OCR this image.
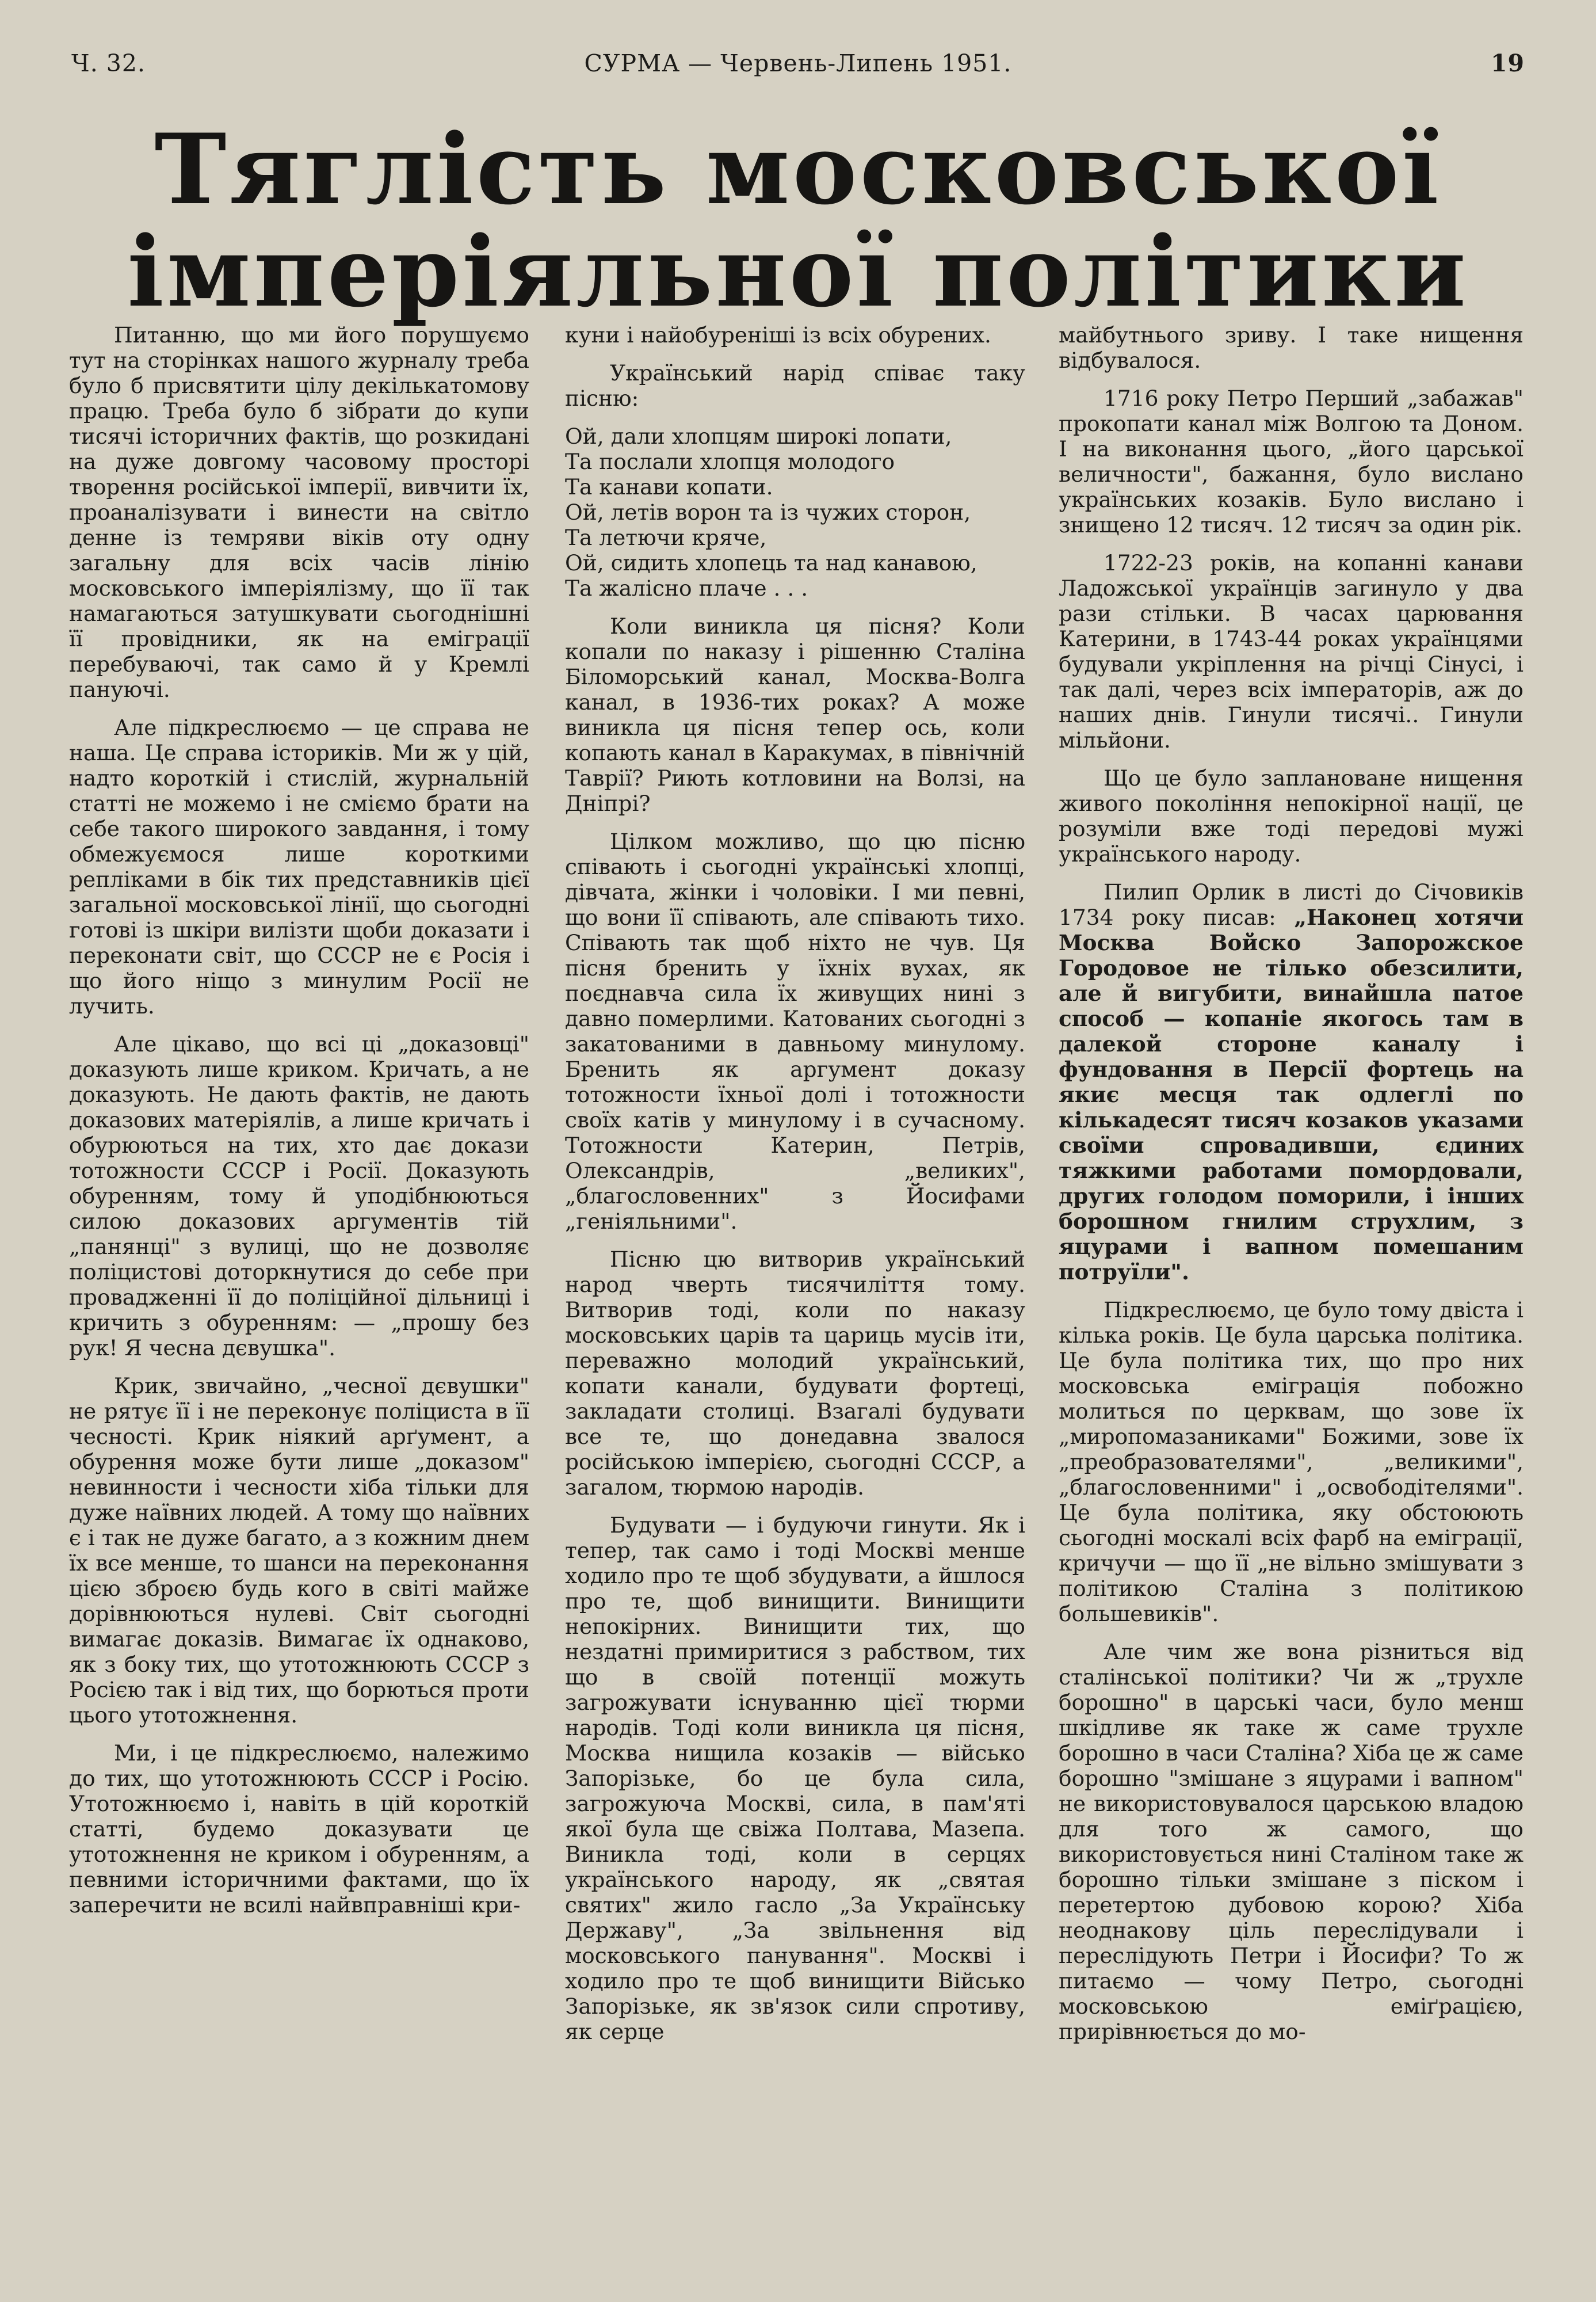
Ч. 32.	СУРМА — Червень-Липень 1951.	19
Тяглість московської
імперіяльної політики

Питанню, що ми його порушуємо тут на сторінках нашого журналу треба було б присвятити цілу декількатомову працю. Треба було б зібрати до купи тисячі історичних фактів, що розкидані на дуже довгому часовому просторі творення російської імперії, вивчити їх, проаналізувати і винести на світло денне із темряви віків оту одну загальну для всіх часів лінію московського імперіялізму, що її так намагаються затушкувати сьогоднішні її провідники, як на еміграції перебуваючі, так само й у Кремлі пануючі.

Але підкреслюємо — це справа не наша. Це справа істориків. Ми ж у цій, надто короткій і стислій, журнальній статті не можемо і не сміємо брати на себе такого широкого завдання, і тому обмежуємося лише короткими репліками в бік тих представників цієї загальної московської лінії, що сьогодні готові із шкіри вилізти щоби доказати і переконати світ, що СССР не є Росія і що його ніщо з минулим Росії не лучить.

Але цікаво, що всі ці „доказовці" доказують лише криком. Кричать, а не доказують. Не дають фактів, не дають доказових матеріялів, а лише кричать і обурюються на тих, хто дає докази тотожности СССР і Росії. Доказують обуренням, тому й уподібнюються силою доказових аргументів тій „панянці" з вулиці, що не дозволяє поліцистові доторкнутися до себе при провадженні її до поліційної дільниці і кричить з обуренням: — „прошу без рук! Я чесна дєвушка".

Крик, звичайно, „чесної дєвушки" не рятує її і не переконує поліциста в її чесності. Крик ніякий арґумент, а обурення може бути лише „доказом" невинности і чесности хіба тільки для дуже наївних людей. А тому що наївних є і так не дуже багато, а з кожним днем їх все менше, то шанси на переконання цією зброєю будь кого в світі майже дорівнюються нулеві. Світ сьогодні вимагає доказів. Вимагає їх однаково, як з боку тих, що утотожнюють СССР з Росією так і від тих, що борються проти цього утотожнення.

Ми, і це підкреслюємо, належимо до тих, що утотожнюють СССР і Росію. Утотожнюємо і, навіть в цій короткій статті, будемо доказувати це утотожнення не криком і обуренням, а певними історичними фактами, що їх заперечити не всилі найвправніші кри-

куни і найобуреніші із всіх обурених.

Український нарід співає таку пісню:

Ой, дали хлопцям широкі лопати,
Та послали хлопця молодого
Та канави копати.
Ой, летів ворон та із чужих сторон,
Та летючи кряче,
Ой, сидить хлопець та над канавою,
Та жалісно плаче . . .

Коли виникла ця пісня? Коли копали по наказу і рішенню Сталіна Біломорський канал, Москва-Волга канал, в 1936-тих роках? А може виникла ця пісня тепер ось, коли копають канал в Каракумах, в північній Таврії? Риють котловини на Волзі, на Дніпрі?

Цілком можливо, що цю пісню співають і сьогодні українські хлопці, дівчата, жінки і чоловіки. І ми певні, що вони її співають, але співають тихо. Співають так щоб ніхто не чув. Ця пісня бренить у їхніх вухах, як поєднавча сила їх живущих нині з давно померлими. Катованих сьогодні з закатованими в давньому минулому. Бренить як аргумент доказу тотожности їхньої долі і тотожности своїх катів у минулому і в сучасному. Тотожности Катерин, Петрів, Олександрів, „великих", „благословенних" з Йосифами „геніяльними".

Пісню цю витворив український народ чверть тисячиліття тому. Витворив тоді, коли по наказу московських царів та цариць мусів іти, переважно молодий український, копати канали, будувати фортеці, закладати столиці. Взагалі будувати все те, що донедавна звалося російською імперією, сьогодні СССР, а загалом, тюрмою народів.

Будувати — і будуючи гинути. Як і тепер, так само і тоді Москві менше ходило про те щоб збудувати, а йшлося про те, щоб винищити. Винищити непокірних. Винищити тих, що нездатні примиритися з рабством, тих що в своїй потенції можуть загрожувати існуванню цієї тюрми народів. Тоді коли виникла ця пісня, Москва нищила козаків — військо Запорізьке, бо це була сила, загрожуюча Москві, сила, в пам'яті якої була ще свіжа Полтава, Мазепа. Виникла тоді, коли в серцях українського народу, як „святая святих" жило гасло „За Українську Державу", „За звільнення від московського панування". Москві і ходило про те щоб винищити Військо Запорізьке, як зв'язок сили спротиву, як серце

майбутнього зриву. І таке нищення відбувалося.

1716 року Петро Перший „забажав" прокопати канал між Волгою та Доном. І на виконання цього, „його царської величности", бажання, було вислано українських козаків. Було вислано і знищено 12 тисяч. 12 тисяч за один рік.

1722-23 років, на копанні канави Ладожської українців загинуло у два рази стільки. В часах царювання Катерини, в 1743-44 роках українцями будували укріплення на річці Сінусі, і так далі, через всіх імператорів, аж до наших днів. Гинули тисячі.. Гинули мільйони.

Що це було заплановане нищення живого покоління непокірної нації, це розуміли вже тоді передові мужі українського народу.

Пилип Орлик в листі до Січовиків 1734 року писав: „Наконец хотячи Москва Войско Запорожское Городовое не тілько обезсилити, але й вигубити, винайшла патое способ — копаніе якогось там в далекой стороне каналу і фундовання в Персії фортець на якиє месця так одлеглі по кількадесят тисяч козаков указами своїми спровадивши, єдиних тяжкими работами помордовали, других голодом поморили, і інших борошном гнилим струхлим, з яцурами і вапном помешаним потруїли".

Підкреслюємо, це було тому двіста і кілька років. Це була царська політика. Це була політика тих, що про них московська еміграція побожно молиться по церквам, що зове їх „миропомазаниками" Божими, зове їх „преобразователями", „великими", „благословенними" і „освободітелями". Це була політика, яку обстоюють сьогодні москалі всіх фарб на еміграції, кричучи — що її „не вільно змішувати з політикою Сталіна з політикою большевиків".

Але чим же вона різниться від сталінської політики? Чи ж „трухле борошно" в царські часи, було менш шкідливе як таке ж саме трухле борошно в часи Сталіна? Хіба це ж саме борошно "змішане з яцурами і вапном" не використовувалося царською владою для того ж самого, що використовується нині Сталіном таке ж борошно тільки змішане з піском і перетертою дубовою корою? Хіба неоднакову ціль переслідували і переслідують Петри і Йосифи? То ж питаємо — чому Петро, сьогодні московською еміґрацією, прирівнюється до мо-
